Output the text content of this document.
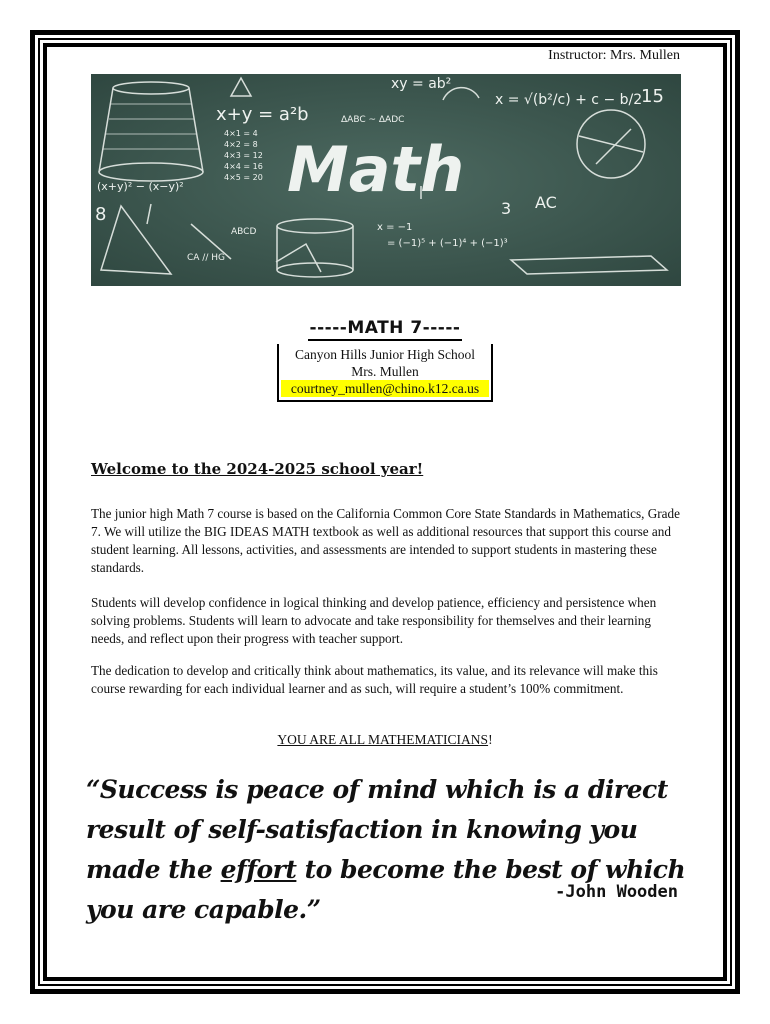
Instructor: Mrs. Mullen
Math
x+y = a²b
4×1 = 4
4×2 = 8
4×3 = 12
4×4 = 16
4×5 = 20
(x+y)² − (x−y)²
ΔABC ~ ΔADC
x = √(b²/c) + c − b/2
15
AC
x = −1
= (−1)⁵ + (−1)⁴ + (−1)³
ABCD
CA // HG
xy = ab²
8	3
-----MATH 7-----
Canyon Hills Junior High School
Mrs. Mullen
courtney_mullen@chino.k12.ca.us
Welcome to the 2024-2025 school year!
The junior high Math 7 course is based on the California Common Core State Standards in Mathematics, Grade 7. We will utilize the BIG IDEAS MATH textbook as well as additional resources that support this course and student learning. All lessons, activities, and assessments are intended to support students in mastering these standards.
Students will develop confidence in logical thinking and develop patience, efficiency and persistence when solving problems. Students will learn to advocate and take responsibility for themselves and their learning needs, and reflect upon their progress with teacher support.
The dedication to develop and critically think about mathematics, its value, and its relevance will make this course rewarding for each individual learner and as such, will require a student’s 100% commitment.
YOU ARE ALL MATHEMATICIANS!
“Success is peace of mind which is a direct result of self-satisfaction in knowing you made the effort to become the best of which you are capable.”
-John Wooden
